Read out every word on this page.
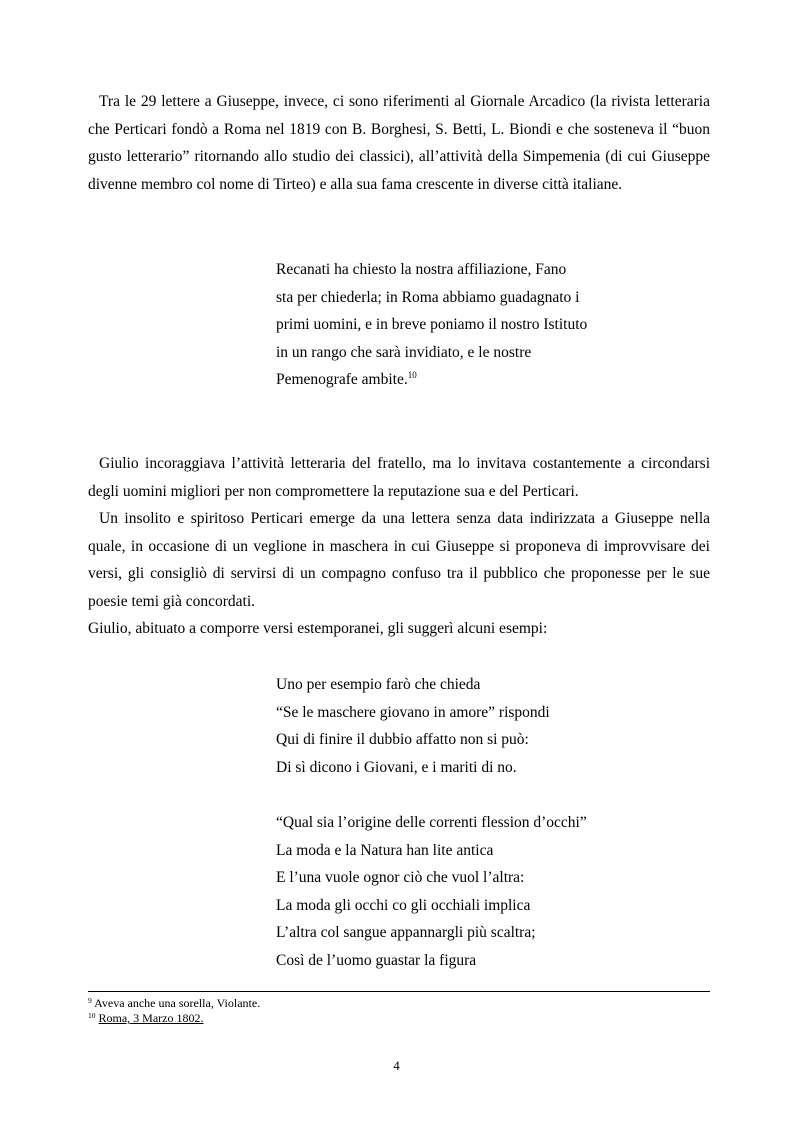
Tra le 29 lettere a Giuseppe, invece, ci sono riferimenti al Giornale Arcadico (la rivista letteraria che Perticari fondò a Roma nel 1819 con B. Borghesi, S. Betti, L. Biondi e che sosteneva il “buon gusto letterario” ritornando allo studio dei classici), all’attività della Simpemenia (di cui Giuseppe divenne membro col nome di Tirteo) e alla sua fama crescente in diverse città italiane.

Recanati ha chiesto la nostra affiliazione, Fano
sta per chiederla; in Roma abbiamo guadagnato i
primi uomini, e in breve poniamo il nostro Istituto
in un rango che sarà invidiato, e le nostre
Pemenografe ambite.$^{10}$

Giulio incoraggiava l’attività letteraria del fratello, ma lo invitava costantemente a circondarsi degli uomini migliori per non compromettere la reputazione sua e del Perticari.

Un insolito e spiritoso Perticari emerge da una lettera senza data indirizzata a Giuseppe nella quale, in occasione di un veglione in maschera in cui Giuseppe si proponeva di improvvisare dei versi, gli consigliò di servirsi di un compagno confuso tra il pubblico che proponesse per le sue poesie temi già concordati.

Giulio, abituato a comporre versi estemporanei, gli suggerì alcuni esempi:

Uno per esempio farò che chieda
“Se le maschere giovano in amore” rispondi
Qui di finire il dubbio affatto non si può:
Di sì dicono i Giovani, e i mariti di no.
“Qual sia l’origine delle correnti flession d’occhi”
La moda e la Natura han lite antica
E l’una vuole ognor ciò che vuol l’altra:
La moda gli occhi co gli occhiali implica
L’altra col sangue appannargli più scaltra;
Così de l’uomo guastar la figura
$^9$ Aveva anche una sorella, Violante.
$^{10}$ Roma, 3 Marzo 1802.
4
